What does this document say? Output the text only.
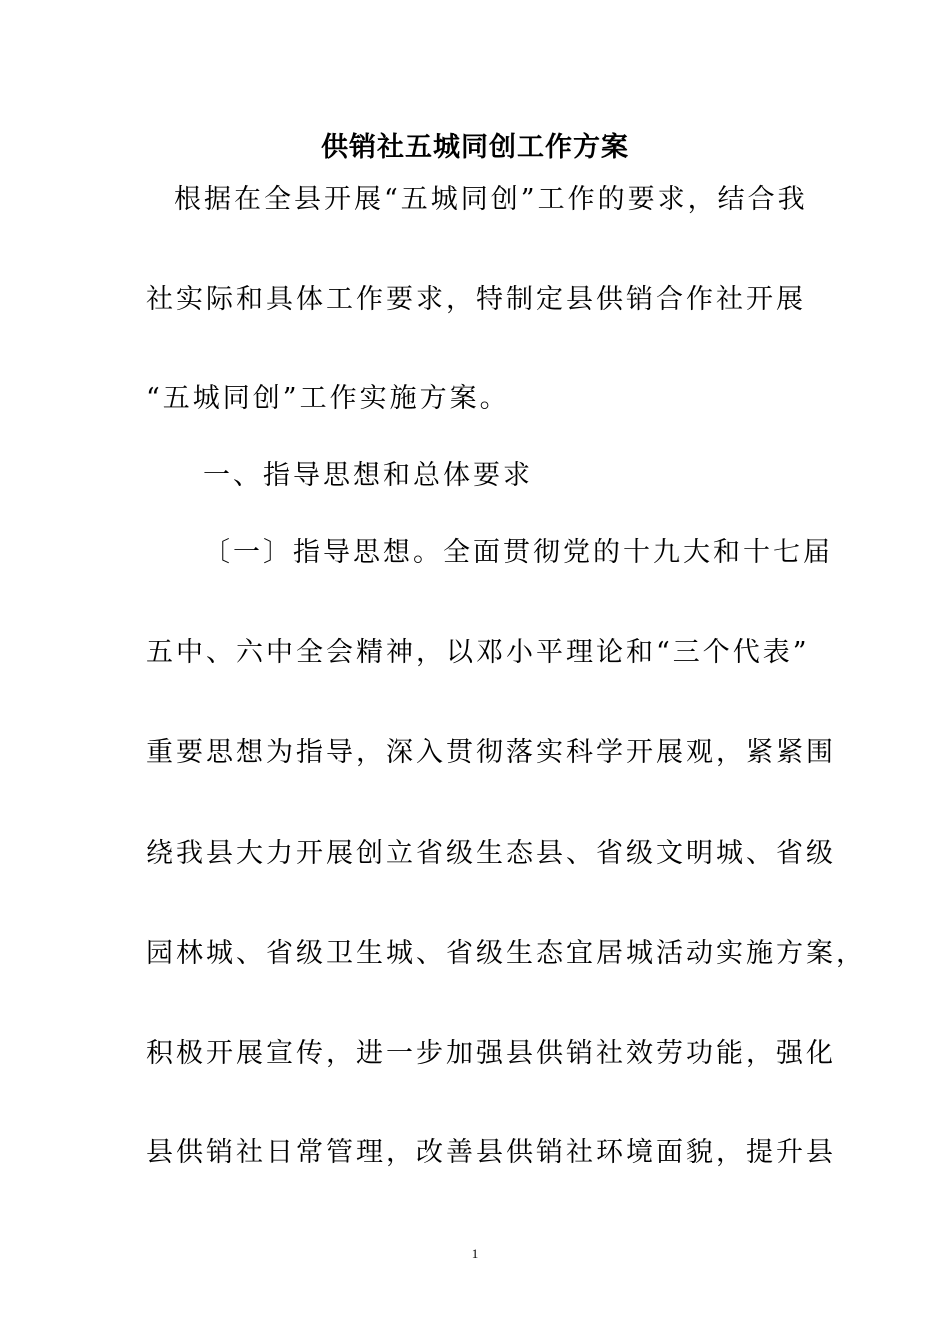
供销社五城同创工作方案
根据在全县开展“五城同创”工作的要求，结合我
社实际和具体工作要求，特制定县供销合作社开展
“五城同创”工作实施方案。
一、指导思想和总体要求
〔一〕指导思想。全面贯彻党的十九大和十七届
五中、六中全会精神，以邓小平理论和“三个代表”
重要思想为指导，深入贯彻落实科学开展观，紧紧围
绕我县大力开展创立省级生态县、省级文明城、省级
园林城、省级卫生城、省级生态宜居城活动实施方案，
积极开展宣传，进一步加强县供销社效劳功能，强化
县供销社日常管理，改善县供销社环境面貌，提升县
1
